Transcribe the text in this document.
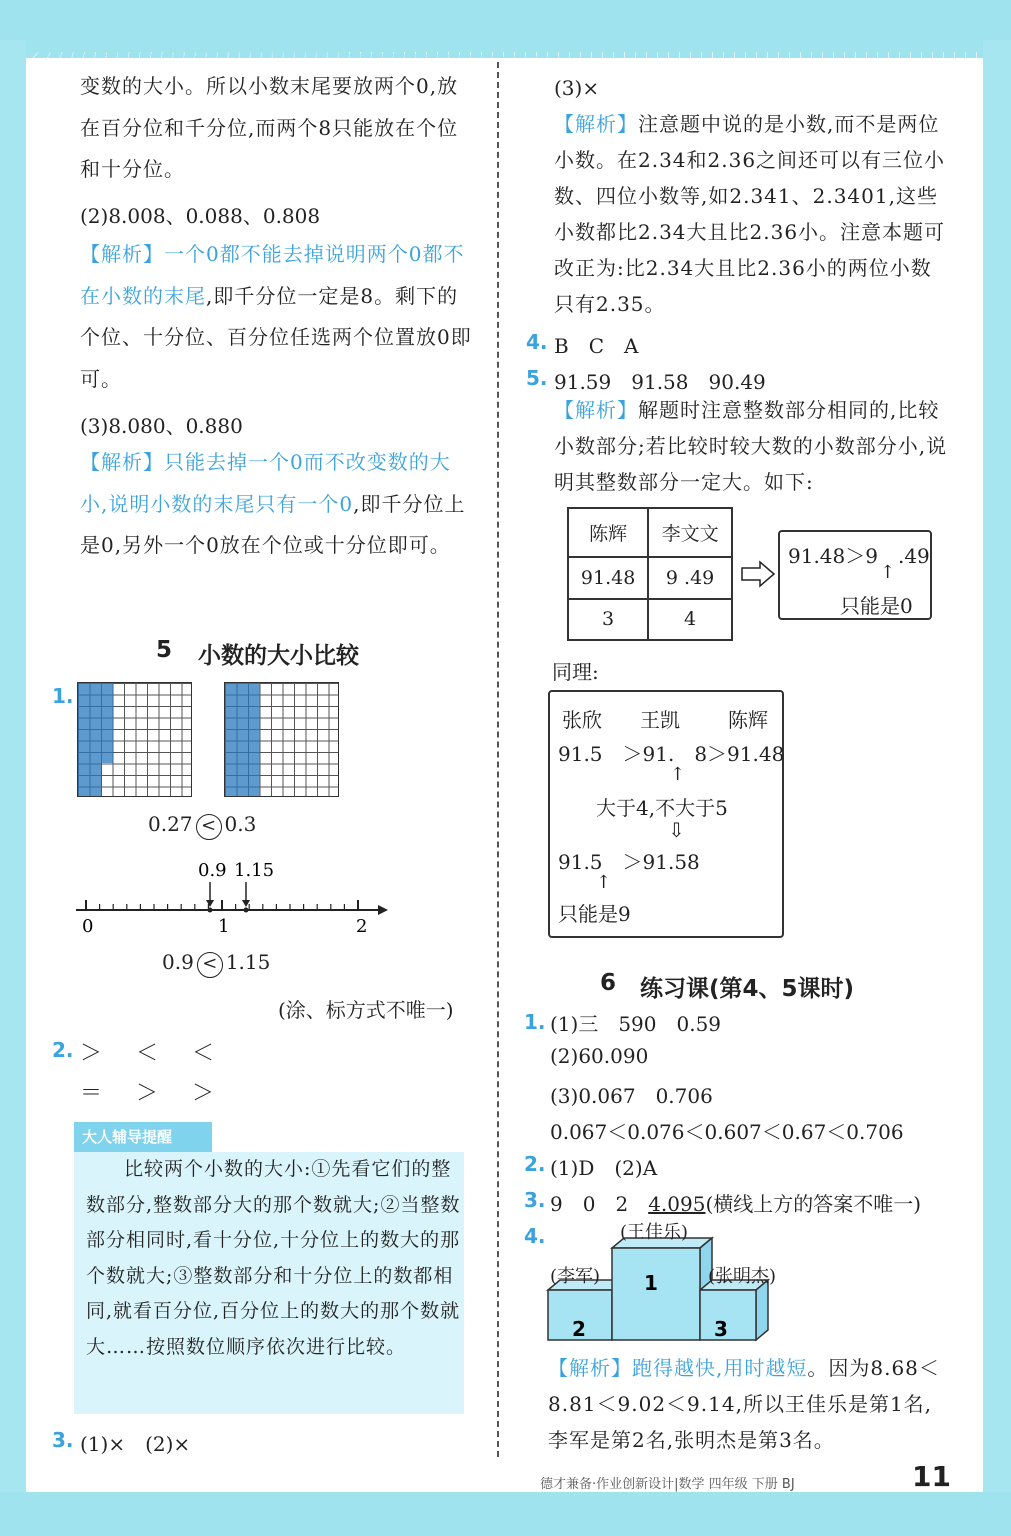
变数的大小。所以小数末尾要放两个0,放在百分位和千分位,而两个8只能放在个位和十分位。
(2)8.008、0.088、0.808
【解析】一个0都不能去掉说明两个0都不在小数的末尾,即千分位一定是8。剩下的个位、十分位、百分位任选两个位置放0即可。
(3)8.080、0.880
【解析】只能去掉一个0而不改变数的大小,说明小数的末尾只有一个0,即千分位上是0,另外一个0放在个位或十分位即可。
5 小数的大小比较
1.
0.27 < 0.3
0.9 1.15
0	1	2
0.9 < 1.15
(涂、标方式不唯一)
2. ＞　＜　＜
＝　＞　＞
大人辅导提醒
比较两个小数的大小:①先看它们的整数部分,整数部分大的那个数就大;②当整数部分相同时,看十分位,十分位上的数大的那个数就大;③整数部分和十分位上的数都相同,就看百分位,百分位上的数大的那个数就大……按照数位顺序依次进行比较。
3. (1)×　(2)×
(3)×
【解析】注意题中说的是小数,而不是两位小数。在2.34和2.36之间还可以有三位小数、四位小数等,如2.341、2.3401,这些小数都比2.34大且比2.36小。注意本题可改正为:比2.34大且比2.36小的两位小数只有2.35。
4. B　C　A
5. 91.59　91.58　90.49
【解析】解题时注意整数部分相同的,比较小数部分;若比较时较大数的小数部分小,说明其整数部分一定大。如下:
陈辉	李文文
91.48	9 .49
3	4
91.48＞9　.49
↑
只能是0
同理:
张欣 王凯 陈辉
91.5　＞91.　8＞91.48
↑
大于4,不大于5
⇩
91.5　＞91.58
↑
只能是9
6 练习课(第4、5课时)
1. (1)三　590　0.59
(2)60.090
(3)0.067　0.706
0.067＜0.076＜0.607＜0.67＜0.706
2. (1)D　(2)A
3. 9　0　2　4.095(横线上方的答案不唯一)
4.
1
2	3
(王佳乐)
(李军)	(张明杰)
【解析】跑得越快,用时越短。因为8.68＜8.81＜9.02＜9.14,所以王佳乐是第1名,李军是第2名,张明杰是第3名。
德才兼备·作业创新设计|数学 四年级 下册 BJ	11
